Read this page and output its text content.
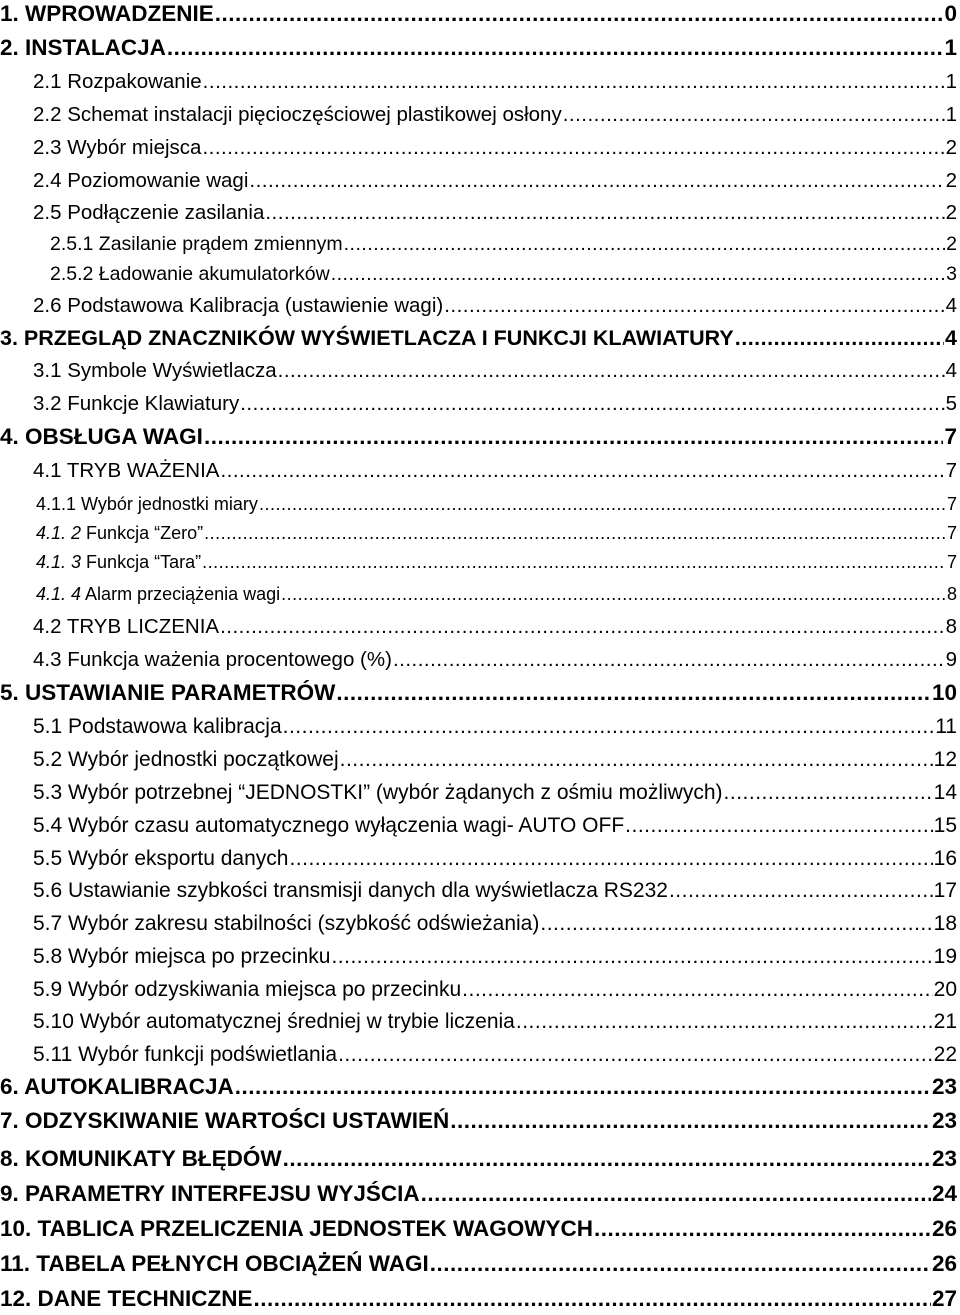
1. WPROWADZENIE .....	0
2. INSTALACJA .....	1
2.1 Rozpakowanie .....	1
2.2 Schemat instalacji pięcioczęściowej plastikowej osłony .....	1
2.3 Wybór miejsca .....	2
2.4 Poziomowanie wagi .....	2
2.5 Podłączenie zasilania .....	2
2.5.1 Zasilanie prądem zmiennym .....	2
2.5.2 Ładowanie akumulatorków .....	3
2.6 Podstawowa Kalibracja (ustawienie wagi) .....	4
3. PRZEGLĄD ZNACZNIKÓW WYŚWIETLACZA I FUNKCJI KLAWIATURY .....	4
3.1 Symbole Wyświetlacza .....	4
3.2 Funkcje Klawiatury .....	5
4. OBSŁUGA WAGI .....	7
4.1 TRYB WAŻENIA .....	7
4.1.1 Wybór jednostki miary .....	7
4.1. 2 Funkcja “Zero” .....	7
4.1. 3 Funkcja “Tara” .....	7
4.1. 4 Alarm przeciążenia wagi .....	8
4.2 TRYB LICZENIA .....	8
4.3 Funkcja ważenia procentowego (%) .....	9
5. USTAWIANIE PARAMETRÓW .....	10
5.1 Podstawowa kalibracja .....	11
5.2 Wybór jednostki początkowej .....	12
5.3 Wybór potrzebnej “JEDNOSTKI” (wybór żądanych z ośmiu możliwych) .....	14
5.4 Wybór czasu automatycznego wyłączenia wagi- AUTO OFF .....	15
5.5 Wybór eksportu danych .....	16
5.6 Ustawianie szybkości transmisji danych dla wyświetlacza RS232 .....	17
5.7 Wybór zakresu stabilności (szybkość odświeżania) .....	18
5.8 Wybór miejsca po przecinku .....	19
5.9 Wybór odzyskiwania miejsca po przecinku .....	20
5.10 Wybór automatycznej średniej w trybie liczenia .....	21
5.11 Wybór funkcji podświetlania .....	22
6. AUTOKALIBRACJA .....	23
7. ODZYSKIWANIE WARTOŚCI USTAWIEŃ .....	23
8. KOMUNIKATY BŁĘDÓW .....	23
9. PARAMETRY INTERFEJSU WYJŚCIA .....	24
10. TABLICA PRZELICZENIA JEDNOSTEK WAGOWYCH .....	26
11. TABELA PEŁNYCH OBCIĄŻEŃ WAGI .....	26
12. DANE TECHNICZNE .....	27
